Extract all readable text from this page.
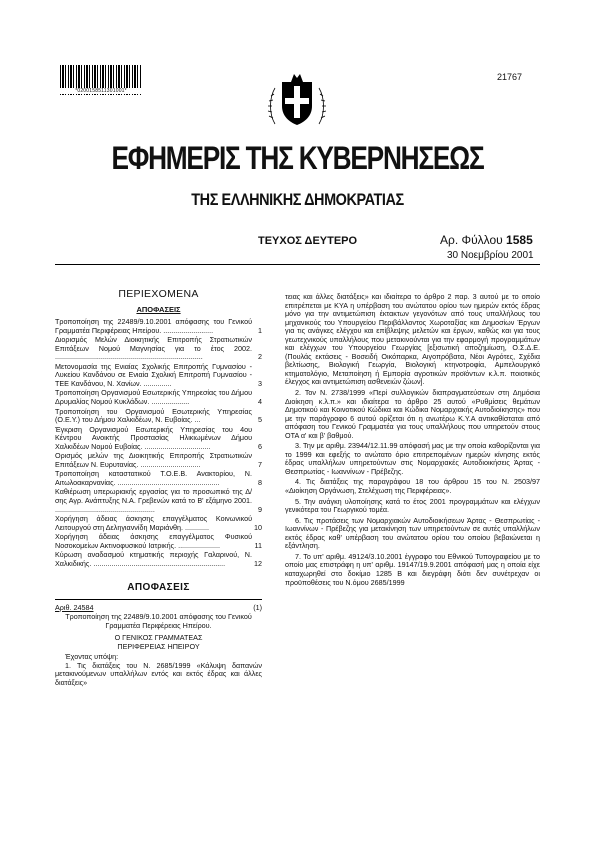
*0200158511301001*
21767
ΕΦΗΜΕΡΙΣ ΤΗΣ ΚΥΒΕΡΝΗΣΕΩΣ
ΤΗΣ ΕΛΛΗΝΙΚΗΣ ΔΗΜΟΚΡΑΤΙΑΣ
ΤΕΥΧΟΣ ΔΕΥΤΕΡΟ	Αρ. Φύλλου 1585
30 Νοεμβρίου 2001
ΠΕΡΙΕΧΟΜΕΝΑ
ΑΠΟΦΑΣΕΙΣ
Τροποποίηση της 22489/9.10.2001 απόφασης του Γενικού Γραμματέα Περιφέρειας Ηπείρου. .........................	1
Διορισμός Μελών Διοικητικής Επιτροπής Στρατιωτικών Επιτάξεων Νομού Μαγνησίας για το έτος 2002. ..........................................................................	2
Μετονομασία της Ενιαίας Σχολικής Επιτροπής Γυμνασίου - Λυκείου Κανδάνου σε Ενιαία Σχολική Επιτροπή Γυμνασίου - ΤΕΕ Κανδάνου, Ν. Χανίων. ..............	3
Τροποποίηση Οργανισμού Εσωτερικής Υπηρεσίας του Δήμου Δρυμαλίας Νομού Κυκλάδων. ...................	4
Τροποποίηση του Οργανισμού Εσωτερικής Υπηρεσίας (Ο.Ε.Υ.) του Δήμου Χαλκιδέων, Ν. Ευβοίας. ...	5
Έγκριση Οργανισμού Εσωτερικής Υπηρεσίας του 4ου Κέντρου Ανοικτής Προστασίας Ηλικιωμένων Δήμου Χαλκιδέων Νομού Ευβοίας. .................................	6
Ορισμός μελών της Διοικητικής Επιτροπής Στρατιωτικών Επιτάξεων Ν. Ευρυτανίας. ..............................	7
Τροποποίηση καταστατικού Τ.Ο.Ε.Β. Ανακτορίου, Ν. Αιτωλοακαρνανίας. ...................................................	8
Καθιέρωση υπερωριακής εργασίας για το προσωπικό της Δ/σης Αγρ. Ανάπτυξης Ν.Α. Γρεβενών κατά το Β' εξάμηνο 2001. ..................................................	9
Χορήγηση άδειας άσκησης επαγγέλματος Κοινωνικού Λειτουργού στη Δεληγιαννίδη Μαριάνθη. ............	10
Χορήγηση άδειας άσκησης επαγγέλματος Φυσικού Νοσοκομείων Ακτινοφυσικού Ιατρικής. .....................	11
Κύρωση αναδασμού κτηματικής περιοχής Γαλαρινού, Ν. Χαλκιδικής. ..................................................................	12
ΑΠΟΦΑΣΕΙΣ
Αριθ. 24584	(1)
Τροποποίηση της 22489/9.10.2001 απόφασης του Γενικού Γραμματέα Περιφέρειας Ηπείρου.
Ο ΓΕΝΙΚΟΣ ΓΡΑΜΜΑΤΕΑΣ
ΠΕΡΙΦΕΡΕΙΑΣ ΗΠΕΙΡΟΥ
Έχοντας υπόψη:
1. Τις διατάξεις του Ν. 2685/1999 «Κάλυψη δαπανών μετακινούμενων υπαλλήλων εντός και εκτός έδρας και άλλες διατάξεις»
τειας και άλλες διατάξεις» και ιδιαίτερα το άρθρο 2 παρ. 3 αυτού με το οποίο επιτρέπεται με ΚΥΑ η υπέρβαση του ανώτατου ορίου των ημερών εκτός έδρας μόνο για την αντιμετώπιση έκτακτων γεγονότων από τους υπαλλήλους του μηχανικούς του Υπουργείου Περιβάλλοντος Χωροταξίας και Δημοσίων Έργων για τις ανάγκες ελέγχου και επίβλεψης μελετών και έργων, καθώς και για τους γεωτεχνικούς υπαλλήλους που μετακινούνται για την εφαρμογή προγραμμάτων και ελέγχων του Υπουργείου Γεωργίας [εξισωτική αποζημίωση, Ο.Σ.Δ.Ε. (Πουλάς εκτάσεις - Βοσειδή Οικόπαρκα, Αιγοπρόβατα, Νέοι Αγρότες, Σχέδια βελτίωσης, Βιολογική Γεωργία, Βιολογική κτηνοτροφία, Αμπελουργικό κτηματολόγιο, Μεταποίηση ή Εμπορία αγροτικών προϊόντων κ.λ.π. ποιοτικός έλεγχος και αντιμετώπιση ασθενειών ζώων].
2. Τον Ν. 2738/1999 «Περί συλλογικών διαπραγματεύσεων στη Δημόσια Διοίκηση κ.λ.π.» και ιδιαίτερα το άρθρο 25 αυτού «Ρυθμίσεις θεμάτων Δημοτικού και Κοινοτικού Κώδικα και Κώδικα Νομαρχιακής Αυτοδιοίκησης» που με την παράγραφο 6 αυτού ορίζεται ότι η ανωτέρω Κ.Υ.Α αντικαθίσταται από απόφαση του Γενικού Γραμματέα για τους υπαλλήλους που υπηρετούν στους ΟΤΑ α' και β' βαθμού.
3. Την με αριθμ. 23944/12.11.99 απόφασή μας με την οποία καθορίζονται για το 1999 και εφεξής το ανώτατο όριο επιτρεπομένων ημερών κίνησης εκτός έδρας υπαλλήλων υπηρετούντων στις Νομαρχιακές Αυτοδιοικήσεις Άρτας - Θεσπρωτίας - Ιωαννίνων - Πρέβεζης.
4. Τις διατάξεις της παραγράφου 18 του άρθρου 15 του Ν. 2503/97 «Διοίκηση Οργάνωση, Στελέχωση της Περιφέρειας».
5. Την ανάγκη υλοποίησης κατά το έτος 2001 προγραμμάτων και ελέγχων γενικότερα του Γεωργικού τομέα.
6. Τις προτάσεις των Νομαρχιακών Αυτοδιοικήσεων Άρτας - Θεσπρωτίας - Ιωαννίνων - Πρέβεζης για μετακίνηση των υπηρετούντων σε αυτές υπαλλήλων εκτός έδρας καθ' υπέρβαση του ανώτατου ορίου του οποίου βεβαιώνεται η εξάντληση.
7. Το υπ' αριθμ. 49124/3.10.2001 έγγραφο του Εθνικού Τυπογραφείου με το οποίο μας επιστράφη η υπ' αριθμ. 19147/19.9.2001 απόφασή μας η οποία είχε καταχωρηθεί στο δοκίμιο 1285 Β και διεγράφη διότι δεν συνέτρεχαν οι προϋποθέσεις του Ν.όμου 2685/1999
